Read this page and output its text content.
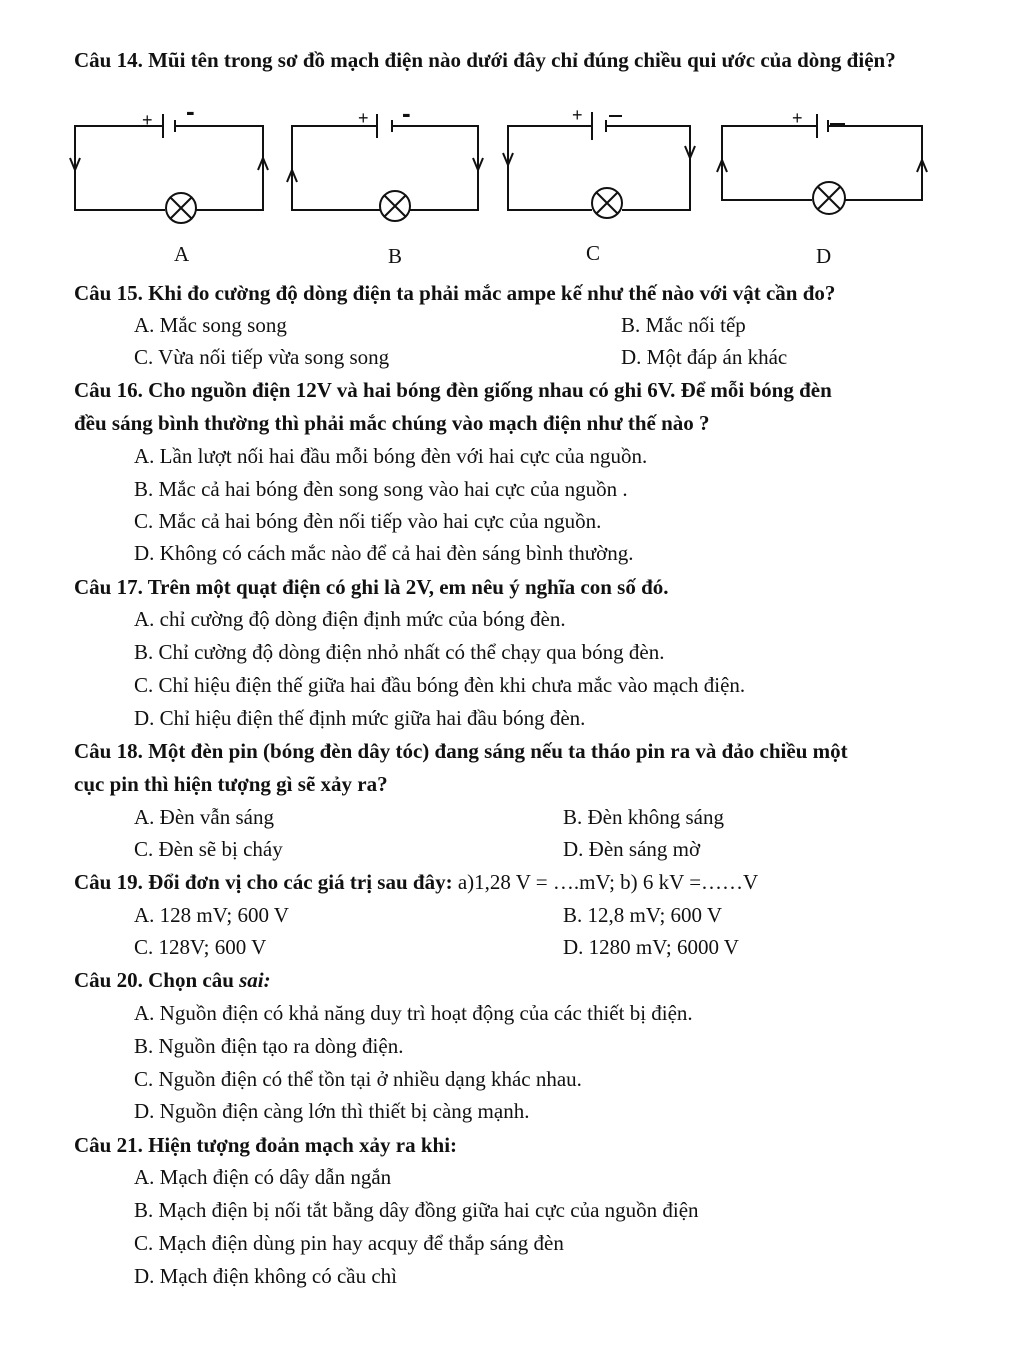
Câu 14. Mũi tên trong sơ đồ mạch điện nào dưới đây chỉ đúng chiều qui ước của dòng điện?
+ -	+ -	+	+
A	B	C	D
Câu 15. Khi đo cường độ dòng điện ta phải mắc ampe kế như thế nào với vật cần đo?
A. Mắc song song	B. Mắc nối tếp
C. Vừa nối tiếp vừa song song	D. Một đáp án khác
Câu 16. Cho nguồn điện 12V và hai bóng đèn giống nhau có ghi 6V. Để mỗi bóng đèn
đều sáng bình thường thì phải mắc chúng vào mạch điện như thế nào ?
A. Lần lượt nối hai đầu mỗi bóng đèn với hai cực của nguồn.
B. Mắc cả hai bóng đèn song song vào hai cực của nguồn .
C. Mắc cả hai bóng đèn nối tiếp vào hai cực của nguồn.
D. Không có cách mắc nào để cả hai đèn sáng bình thường.
Câu 17. Trên một quạt điện có ghi là 2V, em nêu ý nghĩa con số đó.
A. chỉ cường độ dòng điện định mức của bóng đèn.
B. Chỉ cường độ dòng điện nhỏ nhất có thể chạy qua bóng đèn.
C. Chỉ hiệu điện thế giữa hai đầu bóng đèn khi chưa mắc vào mạch điện.
D. Chỉ hiệu điện thế định mức giữa hai đầu bóng đèn.
Câu 18. Một đèn pin (bóng đèn dây tóc) đang sáng nếu ta tháo pin ra và đảo chiều một
cục pin thì hiện tượng gì sẽ xảy ra?
A. Đèn vẫn sáng	B. Đèn không sáng
C. Đèn sẽ bị cháy	D. Đèn sáng mờ
Câu 19. Đổi đơn vị cho các giá trị sau đây: a)1,28 V = ….mV; b) 6 kV =……V
A. 128 mV; 600 V	B. 12,8 mV; 600 V
C. 128V; 600 V	D. 1280 mV; 6000 V
Câu 20. Chọn câu sai:
A. Nguồn điện có khả năng duy trì hoạt động của các thiết bị điện.
B. Nguồn điện tạo ra dòng điện.
C. Nguồn điện có thể tồn tại ở nhiều dạng khác nhau.
D. Nguồn điện càng lớn thì thiết bị càng mạnh.
Câu 21. Hiện tượng đoản mạch xảy ra khi:
A. Mạch điện có dây dẫn ngắn
B. Mạch điện bị nối tắt bằng dây đồng giữa hai cực của nguồn điện
C. Mạch điện dùng pin hay acquy để thắp sáng đèn
D. Mạch điện không có cầu chì
